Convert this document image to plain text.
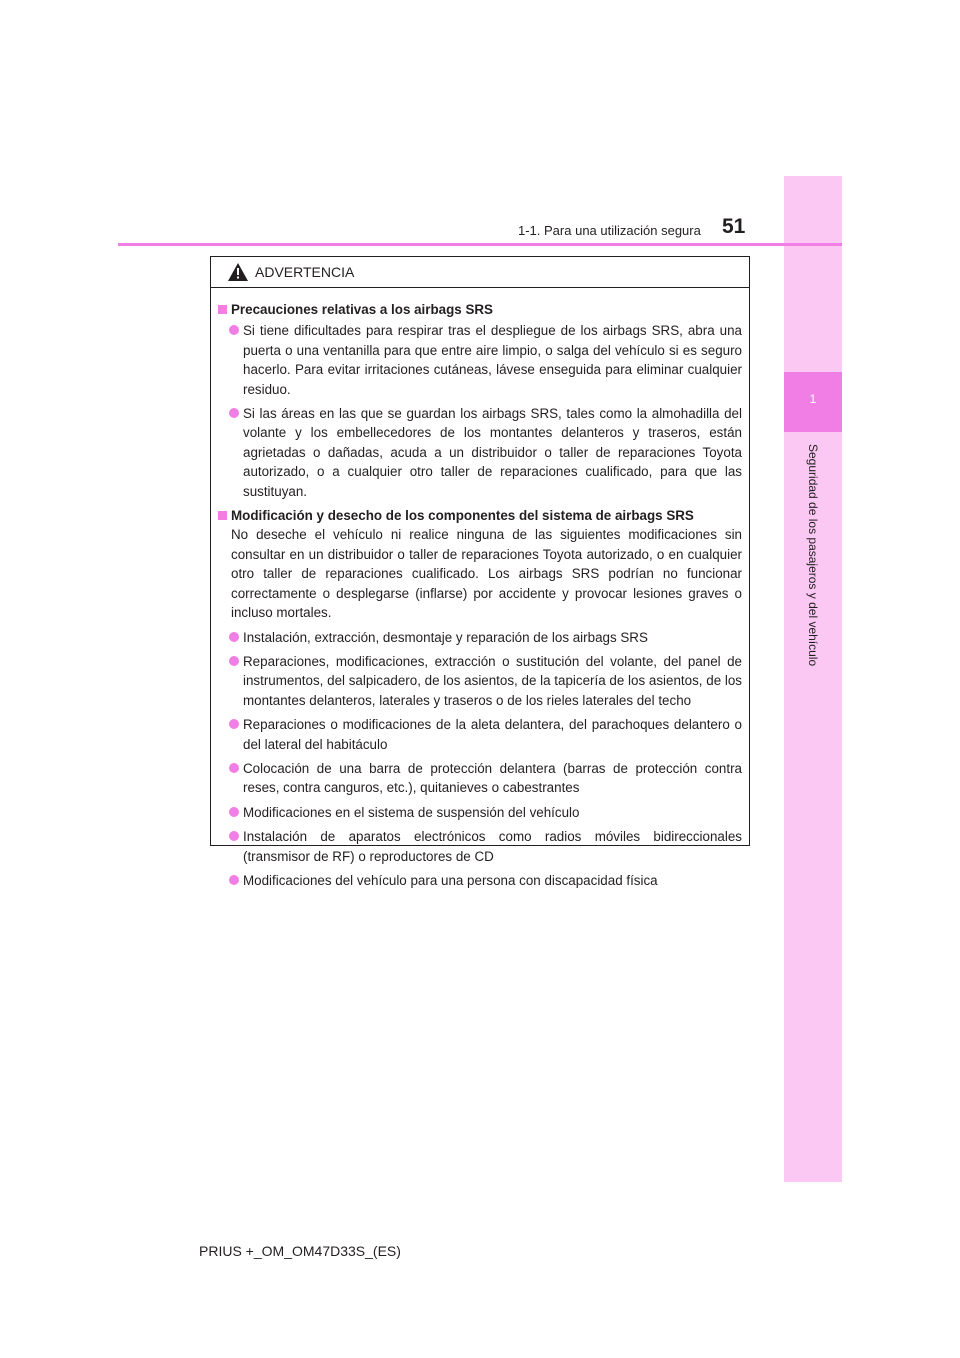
1
Seguridad de los pasajeros y del vehículo
1-1. Para una utilización segura 51
ADVERTENCIA
Precauciones relativas a los airbags SRS
Si tiene dificultades para respirar tras el despliegue de los airbags SRS, abra una puerta o una ventanilla para que entre aire limpio, o salga del vehículo si es seguro hacerlo. Para evitar irritaciones cutáneas, lávese enseguida para eliminar cualquier residuo.
Si las áreas en las que se guardan los airbags SRS, tales como la almohadilla del volante y los embellecedores de los montantes delanteros y traseros, están agrietadas o dañadas, acuda a un distribuidor o taller de reparaciones Toyota autorizado, o a cualquier otro taller de reparaciones cualificado, para que las sustituyan.
Modificación y desecho de los componentes del sistema de airbags SRS
No deseche el vehículo ni realice ninguna de las siguientes modificaciones sin consultar en un distribuidor o taller de reparaciones Toyota autorizado, o en cualquier otro taller de reparaciones cualificado. Los airbags SRS podrían no funcionar correctamente o desplegarse (inflarse) por accidente y provocar lesiones graves o incluso mortales.
Instalación, extracción, desmontaje y reparación de los airbags SRS
Reparaciones, modificaciones, extracción o sustitución del volante, del panel de instrumentos, del salpicadero, de los asientos, de la tapicería de los asientos, de los montantes delanteros, laterales y traseros o de los rieles laterales del techo
Reparaciones o modificaciones de la aleta delantera, del parachoques delantero o del lateral del habitáculo
Colocación de una barra de protección delantera (barras de protección contra reses, contra canguros, etc.), quitanieves o cabestrantes
Modificaciones en el sistema de suspensión del vehículo
Instalación de aparatos electrónicos como radios móviles bidireccionales (transmisor de RF) o reproductores de CD
Modificaciones del vehículo para una persona con discapacidad física
PRIUS +_OM_OM47D33S_(ES)
